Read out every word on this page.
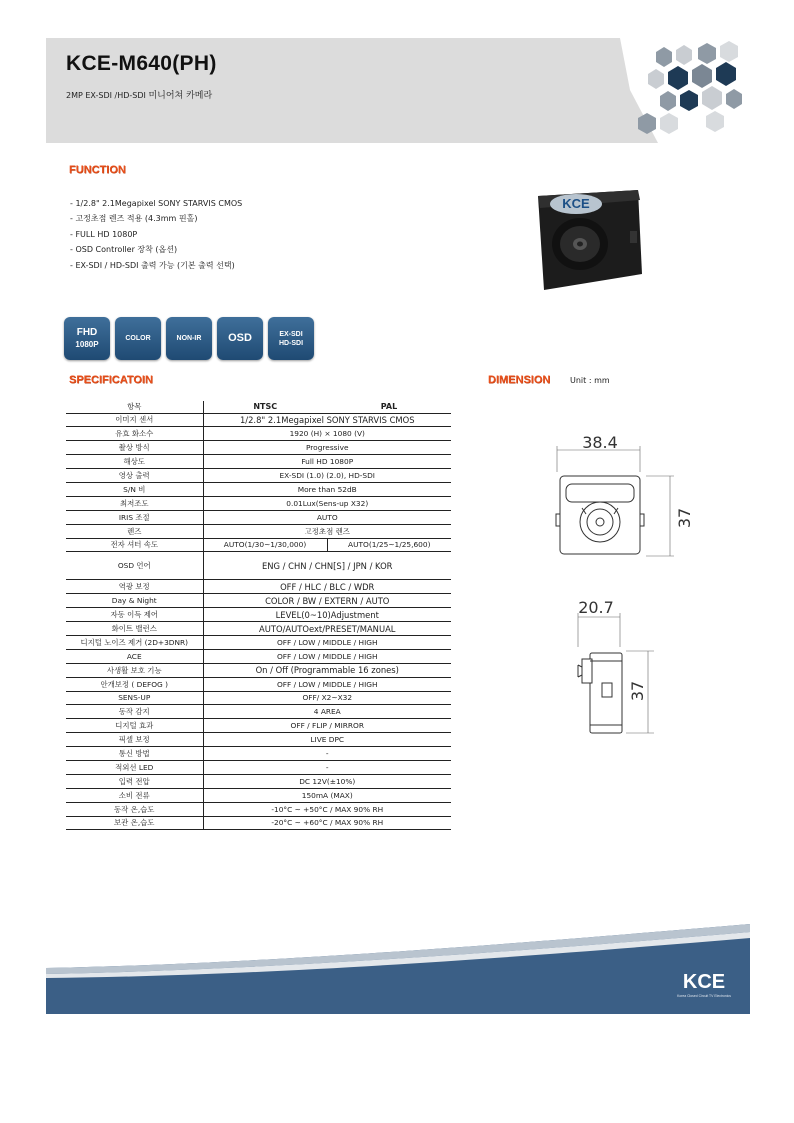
KCE-M640(PH)
2MP EX-SDI /HD-SDI 미니어쳐 카메라
FUNCTION
- 1/2.8" 2.1Megapixel SONY STARVIS CMOS
- 고정초점 렌즈 적용 (4.3mm 핀홀)
- FULL HD 1080P
- OSD Controller 장착 (옵션)
- EX-SDI / HD-SDI 출력 가능 (기본 출력 선택)
KCE
FHD
1080P
COLOR	NON-IR OSD	EX-SDI
HD-SDI
SPECIFICATOIN
항목	NTSC	PAL
이미지 센서	1/2.8" 2.1Megapixel SONY STARVIS CMOS	
유효 화소수	1920 (H) × 1080 (V)	
촬상 방식	Progressive	
해상도	Full HD 1080P	
영상 출력	EX-SDI (1.0) (2.0), HD-SDI	
S/N 비	More than 52dB	
최저조도	0.01Lux(Sens-up X32)	
IRIS 조절	AUTO	
렌즈	고정초점 렌즈	
전자 셔터 속도	AUTO(1/30~1/30,000)	AUTO(1/25~1/25,600)
OSD 언어	ENG / CHN / CHN[S] / JPN / KOR	
역광 보정	OFF / HLC / BLC / WDR	
Day & Night	COLOR / BW / EXTERN / AUTO	
자동 이득 제어	LEVEL(0~10)Adjustment	
화이트 밸런스	AUTO/AUTOext/PRESET/MANUAL	
디지털 노이즈 제거 (2D+3DNR)	OFF / LOW / MIDDLE / HIGH	
ACE	OFF / LOW / MIDDLE / HIGH	
사생활 보호 기능	On / Off (Programmable 16 zones)	
안개보정 ( DEFOG )	OFF / LOW / MIDDLE / HIGH	
SENS-UP	OFF/ X2~X32	
동작 감지	4 AREA	
디지털 효과	OFF / FLIP / MIRROR	
픽셀 보정	LIVE DPC	
통신 방법	-	
적외선 LED	-	
입력 전압	DC 12V(±10%)	
소비 전류	150mA (MAX)	
동작 온,습도	-10°C ~ +50°C / MAX 90% RH	
보관 온,습도	-20°C ~ +60°C / MAX 90% RH	
DIMENSION Unit : mm
38.4
37
20.7
37
KCE
Korea Closed Circuit TV Electronics
